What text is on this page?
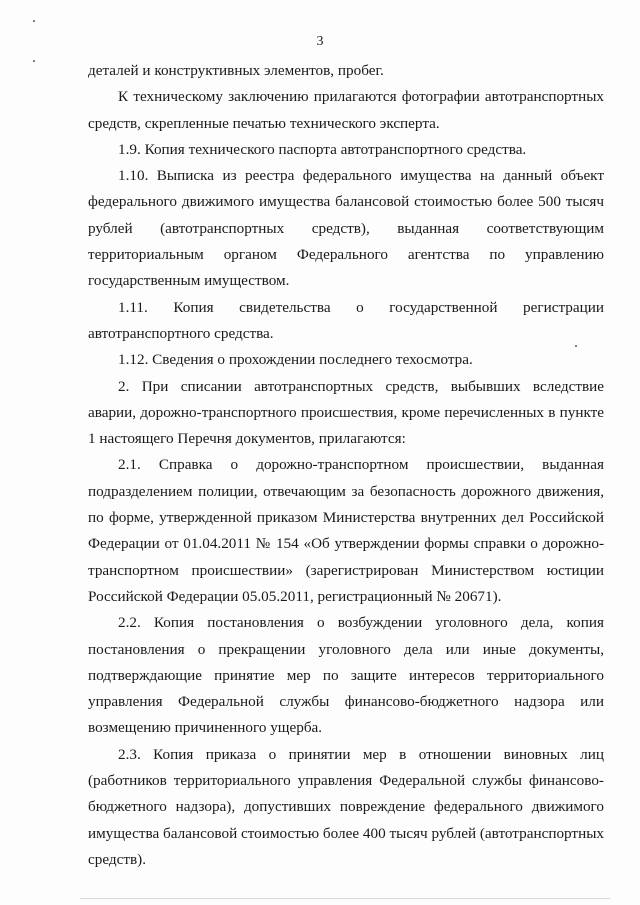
3

деталей и конструктивных элементов, пробег.

К техническому заключению прилагаются фотографии автотранспортных средств, скрепленные печатью технического эксперта.

1.9. Копия технического паспорта автотранспортного средства.

1.10. Выписка из реестра федерального имущества на данный объект федерального движимого имущества балансовой стоимостью более 500 тысяч рублей (автотранспортных средств), выданная соответствующим территориальным органом Федерального агентства по управлению государственным имуществом.

1.11. Копия свидетельства о государственной регистрации автотранспортного средства.

1.12. Сведения о прохождении последнего техосмотра.

2. При списании автотранспортных средств, выбывших вследствие аварии, дорожно-транспортного происшествия, кроме перечисленных в пункте 1 настоящего Перечня документов, прилагаются:

2.1. Справка о дорожно-транспортном происшествии, выданная подразделением полиции, отвечающим за безопасность дорожного движения, по форме, утвержденной приказом Министерства внутренних дел Российской Федерации от 01.04.2011 № 154 «Об утверждении формы справки о дорожно-транспортном происшествии» (зарегистрирован Министерством юстиции Российской Федерации 05.05.2011, регистрационный № 20671).

2.2. Копия постановления о возбуждении уголовного дела, копия постановления о прекращении уголовного дела или иные документы, подтверждающие принятие мер по защите интересов территориального управления Федеральной службы финансово-бюджетного надзора или возмещению причиненного ущерба.

2.3. Копия приказа о принятии мер в отношении виновных лиц (работников территориального управления Федеральной службы финансово-бюджетного надзора), допустивших повреждение федерального движимого имущества балансовой стоимостью более 400 тысяч рублей (автотранспортных средств).
